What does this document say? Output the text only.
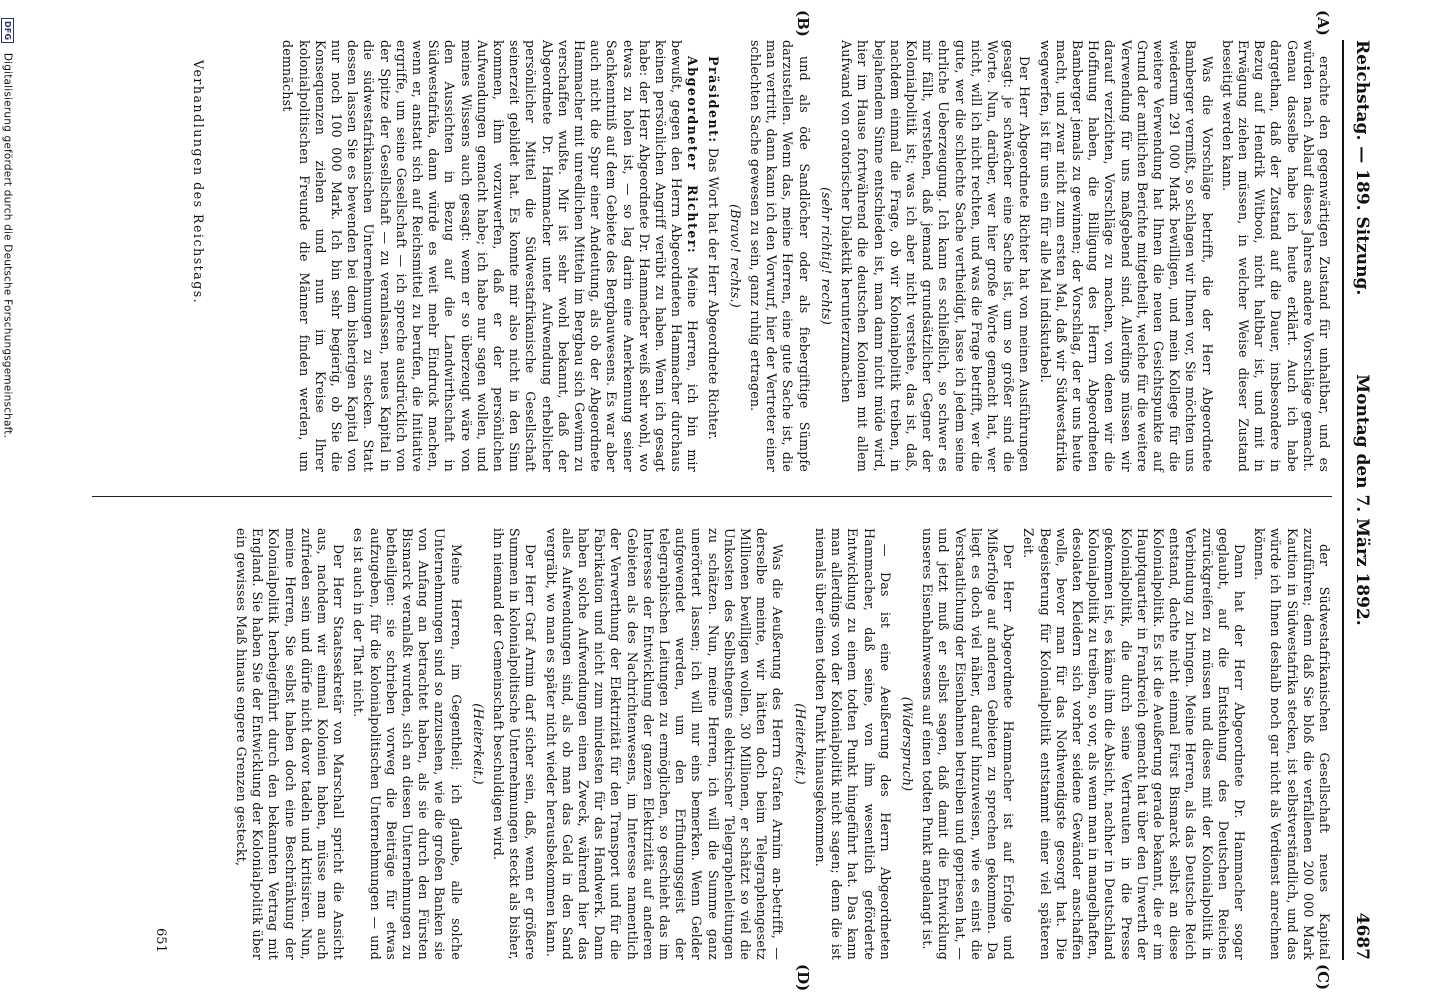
Reichstag. — 189. Sitzung.
Montag den 7. März 1892.
4687
(A)
(B)
(C)
(D)

erachte den gegenwärtigen Zustand für unhaltbar, und es würden nach Ablauf dieses Jahres andere Vorschläge gemacht. Genau dasselbe habe ich heute erklärt. Auch ich habe dargethan, daß der Zustand auf die Dauer, insbesondere in Bezug auf Hendrik Witbooi, nicht haltbar ist, und mit in Erwägung ziehen müssen, in welcher Weise dieser Zustand beseitigt werden kann.

Was die Vorschläge betrifft, die der Herr Abgeordnete Bamberger vermißt, so schlagen wir Ihnen vor, Sie möchten uns wiederum 291 000 Mark bewilligen, und mein Kollege für die weitere Verwendung hat Ihnen die neuen Gesichtspunkte auf Grund der amtlichen Berichte mitgetheilt, welche für die weitere Verwendung für uns maßgebend sind. Allerdings müssen wir darauf verzichten, Vorschläge zu machen, von denen wir die Hoffnung haben, die Billigung des Herrn Abgeordneten Bamberger jemals zu gewinnen; der Vorschlag, der er uns heute macht, und zwar nicht zum ersten Mal, daß wir Südwestafrika wegwerfen, ist für uns ein für alle Mal indiskutabel.

Der Herr Abgeordnete Richter hat von meinen Ausführungen gesagt: je schwächer eine Sache ist, um so größer sind die Worte. Nun, darüber, wer hier große Worte gemacht hat, wer nicht, will ich nicht rechten, und was die Frage betrifft, wer die gute, wer die schlechte Sache vertheidigt, lasse ich jedem seine ehrliche Ueberzeugung. Ich kann es schließlich, so schwer es mir fällt, verstehen, daß jemand grundsätzlicher Gegner der Kolonialpolitik ist; was ich aber nicht verstehe, das ist, daß, nachdem einmal die Frage, ob wir Kolonialpolitik treiben, in bejahendem Sinne entschieden ist, man dann nicht müde wird, hier im Hause fortwährend die deutschen Kolonien mit allem Aufwand von oratorischer Dialektik herunterzumachen

(sehr richtig! rechts)

und als öde Sandlöcher oder als fiebergiftige Sümpfe darzustellen. Wenn das, meine Herren, eine gute Sache ist, die man vertritt, dann kann ich den Vorwurf, hier der Vertreter einer schlechten Sache gewesen zu sein, ganz ruhig ertragen.

(Bravo! rechts.)

Präsident: Das Wort hat der Herr Abgeordnete Richter.

Abgeordneter Richter: Meine Herren, ich bin mir bewußt, gegen den Herrn Abgeordneten Hammacher durchaus keinen persönlichen Angriff verübt zu haben. Wenn ich gesagt habe: der Herr Abgeordnete Dr. Hammacher weiß sehr wohl, wo etwas zu holen ist, — so lag darin eine Anerkennung seiner Sachkenntniß auf dem Gebiete des Bergbauwesens. Es war aber auch nicht die Spur einer Andeutung, als ob der Abgeordnete Hammacher mit unredlichen Mitteln im Bergbau sich Gewinn zu verschaffen wußte. Mir ist sehr wohl bekannt, daß der Abgeordnete Dr. Hammacher unter Aufwendung erheblicher persönlicher Mittel die Südwestafrikanische Gesellschaft seinerzeit gebildet hat. Es konnte mir also nicht in den Sinn kommen, ihm vorzuwerfen, daß er der persönlichen Aufwendungen gemacht habe; ich habe nur sagen wollen, und meines Wissens auch gesagt: wenn er so überzeugt wäre von den Aussichten in Bezug auf die Landwirthschaft in Südwestafrika, dann würde es weit mehr Eindruck machen, wenn er, anstatt sich auf Reichsmittel zu berufen, die Initiative ergriffe, um seine Gesellschaft — ich spreche ausdrücklich von der Spitze der Gesellschaft — zu veranlassen, neues Kapital in die südwestafrikanischen Unternehmungen zu stecken. Statt dessen lassen Sie es bewenden bei dem bisherigen Kapital von nur noch 100 000 Mark. Ich bin sehr begierig, ob Sie die Konsequenzen ziehen und nun im Kreise Ihrer kolonialpolitischen Freunde die Männer finden werden, um demnächst

der Südwestafrikanischen Gesellschaft neues Kapital zuzuführen; denn daß Sie bloß die verfallenen 200 000 Mark Kaution in Südwestafrika stecken, ist selbstverständlich, und das würde ich Ihnen deshalb noch gar nicht als Verdienst anrechnen können.

Dann hat der Herr Abgeordnete Dr. Hammacher sogar geglaubt, auf die Entstehung des Deutschen Reiches zurückgreifen zu müssen und dieses mit der Kolonialpolitik in Verbindung zu bringen. Meine Herren, als das Deutsche Reich entstand, dachte nicht einmal Fürst Bismarck selbst an diese Kolonialpolitik. Es ist die Aeußerung gerade bekannt, die er im Hauptquartier in Frankreich gemacht hat über den Unwerth der Kolonialpolitik, die durch seine Vertrauten in die Presse gekommen ist, es käme ihm die Absicht, nachher in Deutschland Kolonialpolitik zu treiben, so vor, als wenn man in mangelhaften, desolaten Kleidern sich vorher seidene Gewänder anschaffen wolle, bevor man für das Nothwendigste gesorgt hat. Die Begeisterung für Kolonialpolitik entstammt einer viel späteren Zeit.

Der Herr Abgeordnete Hammacher ist auf Erfolge und Mißerfolge auf anderen Gebieten zu sprechen gekommen. Da liegt es doch viel näher, darauf hinzuweisen, wie es einst die Verstaatlichung der Eisenbahnen betreiben und gepriesen hat, — und jetzt muß er selbst sagen, daß damit die Entwicklung unseres Eisenbahnwesens auf einen todten Punkt angelangt ist.

(Widerspruch)

— Das ist eine Aeußerung des Herrn Abgeordneten Hammacher, daß seine, von ihm wesentlich geförderte Entwicklung zu einem todten Punkt hingeführt hat. Das kann man allerdings von der Kolonialpolitik nicht sagen; denn die ist niemals über einen todten Punkt hinausgekommen.

(Heiterkeit.)

Was die Aeußerung des Herrn Grafen Arnim an-betrifft, — derselbe meinte, wir hätten doch beim Telegraphengesetz Millionen bewilligen wollen, 30 Millionen, er schätzt so viel die Unkosten des Selbsthegens elektrischer Telegraphenleitungen zu schätzen. Nun, meine Herren, ich will die Summe ganz unerörtert lassen; ich will nur eins bemerken. Wenn Gelder aufgewendet werden, um den Erfindungsgeist der telegraphischen Leitungen zu ermöglichen, so geschieht das im Interesse der Entwicklung der ganzen Elektrizität auf anderen Gebieten als des Nachrichtenwesens, im Interesse namentlich der Verwerthung der Elektrizität für den Transport und für die Fabrikation und nicht zum mindesten für das Handwerk. Dann haben solche Aufwendungen einen Zweck, während hier das alles Aufwendungen sind, als ob man das Geld in den Sand vergräbt, wo man es später nicht wieder herausbekommen kann.

Der Herr Graf Arnim darf sicher sein, daß, wenn er größere Summen in kolonialpolitische Unternehmungen steckt als bisher, ihn niemand der Gemeinschaft beschuldigen wird.

(Heiterkeit.)

Meine Herren, im Gegentheil; ich glaube, alle solche Unternehmungen sind so anzusehen, wie die großen Banken sie von Anfang an betrachtet haben, als sie durch den Fürsten Bismarck veranlaßt wurden, sich an diesen Unternehmungen zu betheiligen: sie schrieben vorweg die Beiträge für etwas aufzugeben, für die kolonialpolitischen Unternehmungen — und es ist auch in der That nicht.

Der Herr Staatssekretär von Marschall spricht die Ansicht aus, nachdem wir einmal Kolonien haben, müsse man auch zufrieden sein und dürfe nicht davor tadeln und kritisiren. Nun, meine Herren, Sie selbst haben doch eine Beschränkung der Kolonialpolitik herbeigeführt durch den bekannten Vertrag mit England. Sie haben Sie der Entwicklung der Kolonialpolitik über ein gewisses Maß hinaus engere Grenzen gesteckt,

Verhandlungen des Reichstags.
651
DFG Digitalisierung gefördert durch die Deutsche Forschungsgemeinschaft.
